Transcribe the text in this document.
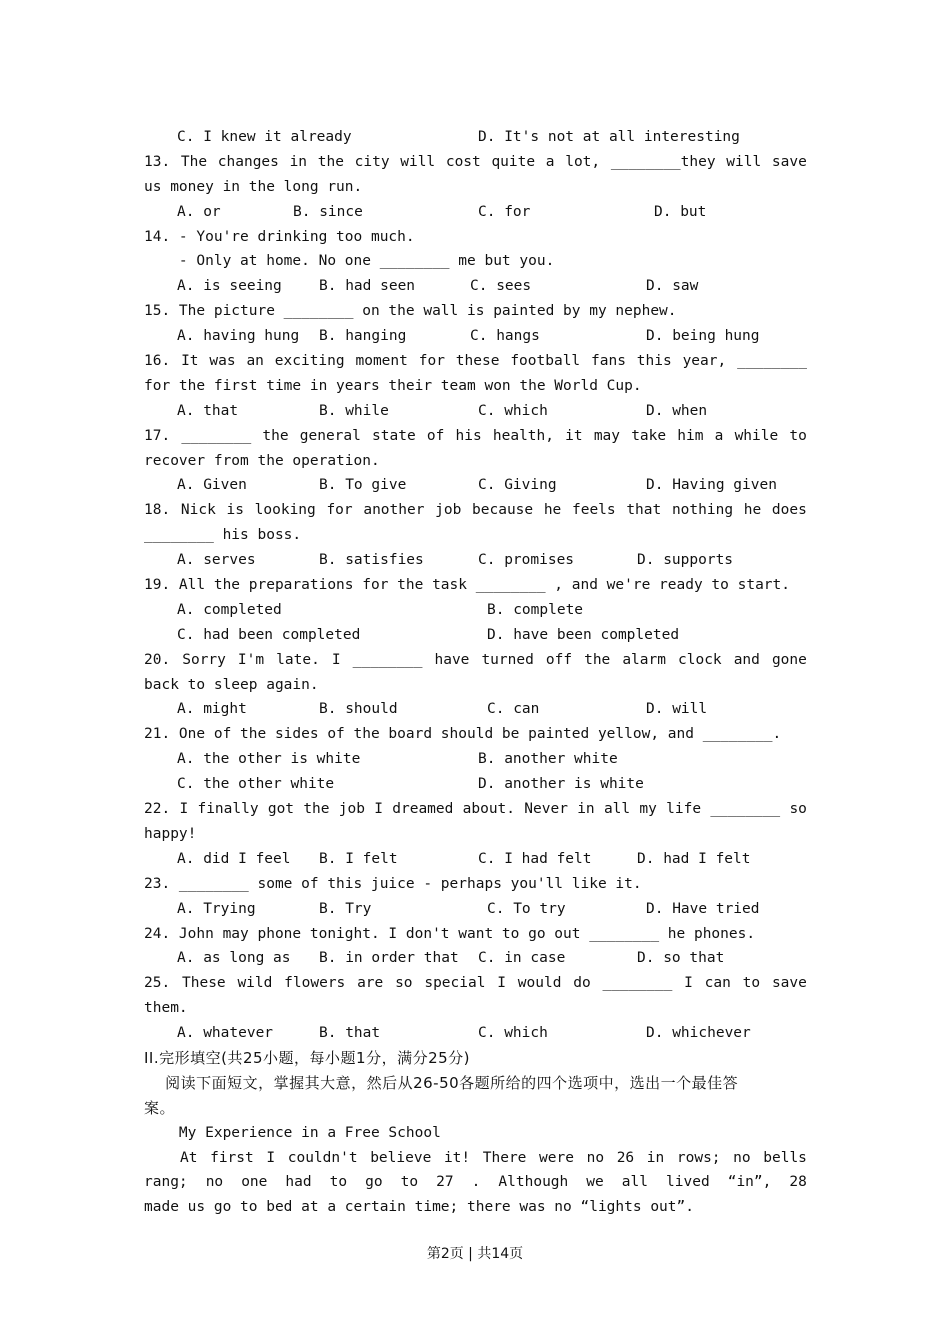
C. I knew it already	D. It's not at all interesting
13. The changes in the city will cost quite a lot, ________they will save
us money in the long run.
A. or	B. since	C. for	D. but
14. - You're drinking too much.
- Only at home. No one ________ me but you.
A. is seeing	B. had seen	C. sees	D. saw
15. The picture ________ on the wall is painted by my nephew.
A. having hung B. hanging	C. hangs	D. being hung
16. It was an exciting moment for these football fans this year, ________
for the first time in years their team won the World Cup.
A. that	B. while	C. which	D. when
17. ________ the general state of his health, it may take him a while to
recover from the operation.
A. Given	B. To give	C. Giving	D. Having given
18. Nick is looking for another job because he feels that nothing he does
________ his boss.
A. serves	B. satisfies	C. promises	D. supports
19. All the preparations for the task ________ , and we're ready to start.
A. completed	B. complete
C. had been completed	D. have been completed
20. Sorry I'm late. I ________ have turned off the alarm clock and gone
back to sleep again.
A. might	B. should	C. can	D. will
21. One of the sides of the board should be painted yellow, and ________.
A. the other is white	B. another white
C. the other white	D. another is white
22. I finally got the job I dreamed about. Never in all my life ________ so
happy!
A. did I feel B. I felt	C. I had felt	D. had I felt
23. ________ some of this juice - perhaps you'll like it.
A. Trying	B. Try	C. To try	D. Have tried
24. John may phone tonight. I don't want to go out ________ he phones.
A. as long as B. in order that C. in case	D. so that
25. These wild flowers are so special I would do ________ I can to save
them.
A. whatever	B. that	C. which	D. whichever
II.完形填空(共25小题，每小题1分，满分25分)
阅读下面短文，掌握其大意，然后从26-50各题所给的四个选项中，选出一个最佳答
案。
My Experience in a Free School
At first I couldn't believe it! There were no 26 in rows; no bells
rang; no one had to go to 27 . Although we all lived “in”, 28
made us go to bed at a certain time; there was no “lights out”.
第2页 | 共14页
